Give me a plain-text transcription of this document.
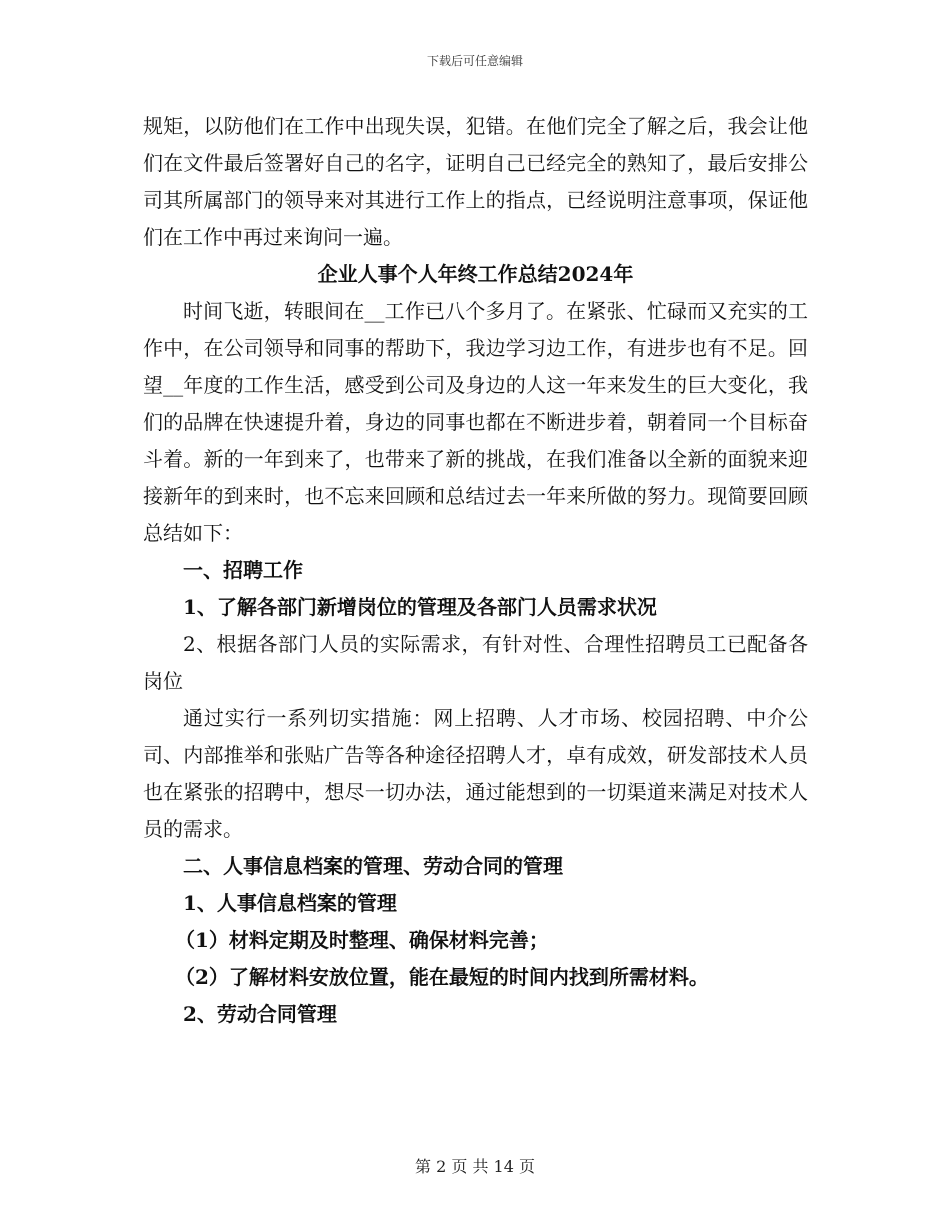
下载后可任意编辑

规矩，以防他们在工作中出现失误，犯错。在他们完全了解之后，我会让他们在文件最后签署好自己的名字，证明自己已经完全的熟知了，最后安排公司其所属部门的领导来对其进行工作上的指点，已经说明注意事项，保证他们在工作中再过来询问一遍。

企业人事个人年终工作总结2024年

时间飞逝，转眼间在__工作已八个多月了。在紧张、忙碌而又充实的工作中，在公司领导和同事的帮助下，我边学习边工作，有进步也有不足。回望__年度的工作生活，感受到公司及身边的人这一年来发生的巨大变化，我们的品牌在快速提升着，身边的同事也都在不断进步着，朝着同一个目标奋斗着。新的一年到来了，也带来了新的挑战，在我们准备以全新的面貌来迎接新年的到来时，也不忘来回顾和总结过去一年来所做的努力。现简要回顾总结如下：

一、招聘工作

1、了解各部门新增岗位的管理及各部门人员需求状况

2、根据各部门人员的实际需求，有针对性、合理性招聘员工已配备各岗位

通过实行一系列切实措施：网上招聘、人才市场、校园招聘、中介公司、内部推举和张贴广告等各种途径招聘人才，卓有成效，研发部技术人员也在紧张的招聘中，想尽一切办法，通过能想到的一切渠道来满足对技术人员的需求。

二、人事信息档案的管理、劳动合同的管理

1、人事信息档案的管理

（1）材料定期及时整理、确保材料完善；

（2）了解材料安放位置，能在最短的时间内找到所需材料。

2、劳动合同管理

第 2 页 共 14 页
